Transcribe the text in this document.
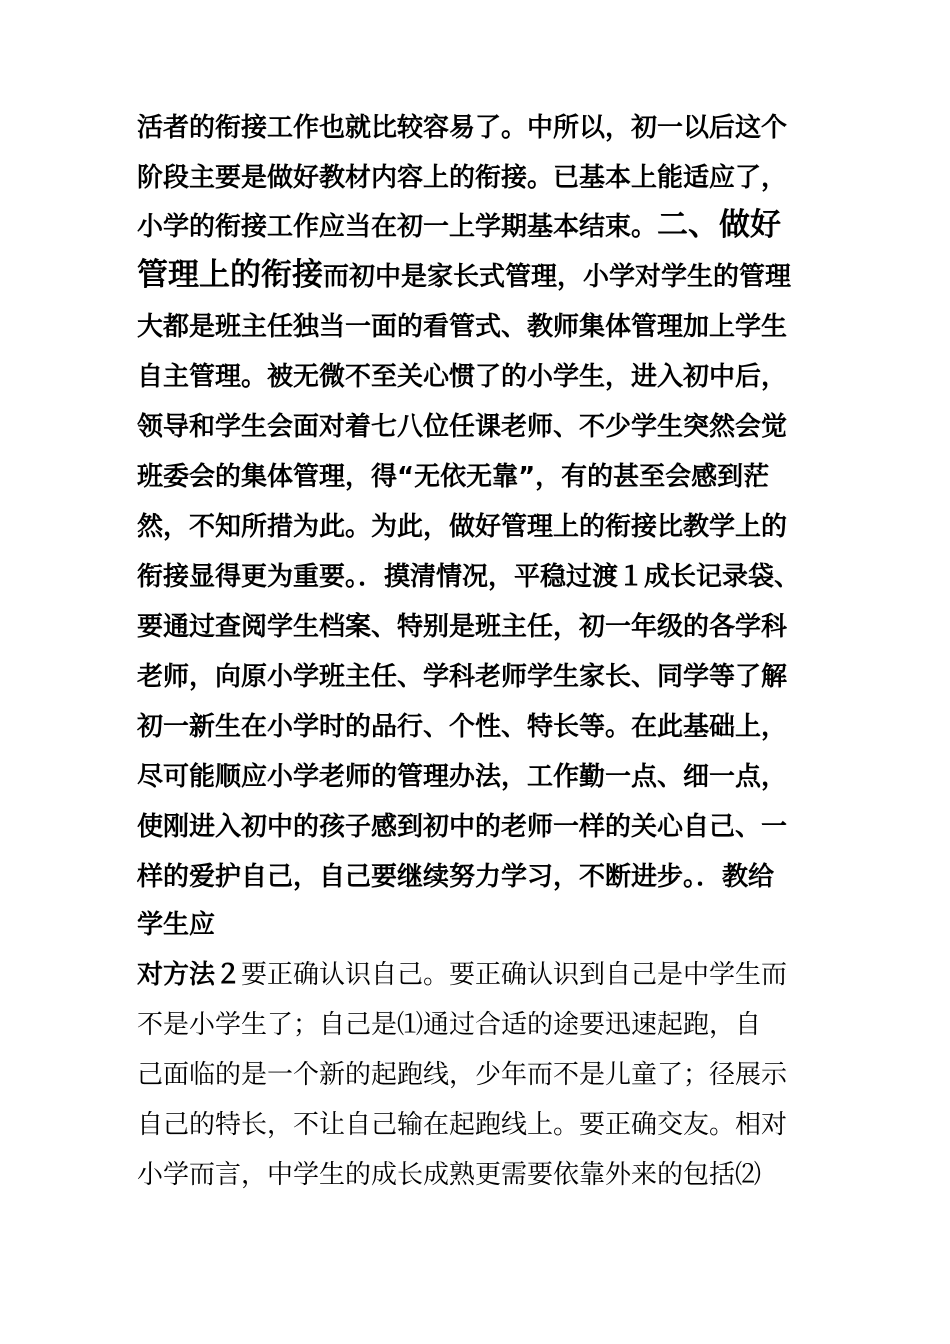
活者的衔接工作也就比较容易了。中所以，初一以后这个
阶段主要是做好教材内容上的衔接。已基本上能适应了，
小学的衔接工作应当在初一上学期基本结束。二、做好
管理上的衔接而初中是家长式管理，小学对学生的管理
大都是班主任独当一面的看管式、教师集体管理加上学生
自主管理。被无微不至关心惯了的小学生，进入初中后，
领导和学生会面对着七八位任课老师、不少学生突然会觉
班委会的集体管理，得“无依无靠”，有的甚至会感到茫
然，不知所措为此。为此，做好管理上的衔接比教学上的
衔接显得更为重要。．摸清情况，平稳过渡１成长记录袋、
要通过查阅学生档案、特别是班主任，初一年级的各学科
老师，向原小学班主任、学科老师学生家长、同学等了解
初一新生在小学时的品行、个性、特长等。在此基础上，
尽可能顺应小学老师的管理办法，工作勤一点、细一点，
使刚进入初中的孩子感到初中的老师一样的关心自己、一
样的爱护自己，自己要继续努力学习，不断进步。．教给
学生应
对方法２要正确认识自己。要正确认识到自己是中学生而
不是小学生了；自己是⑴通过合适的途要迅速起跑，自
己面临的是一个新的起跑线，少年而不是儿童了；径展示
自己的特长，不让自己输在起跑线上。要正确交友。相对
小学而言，中学生的成长成熟更需要依靠外来的包括⑵
